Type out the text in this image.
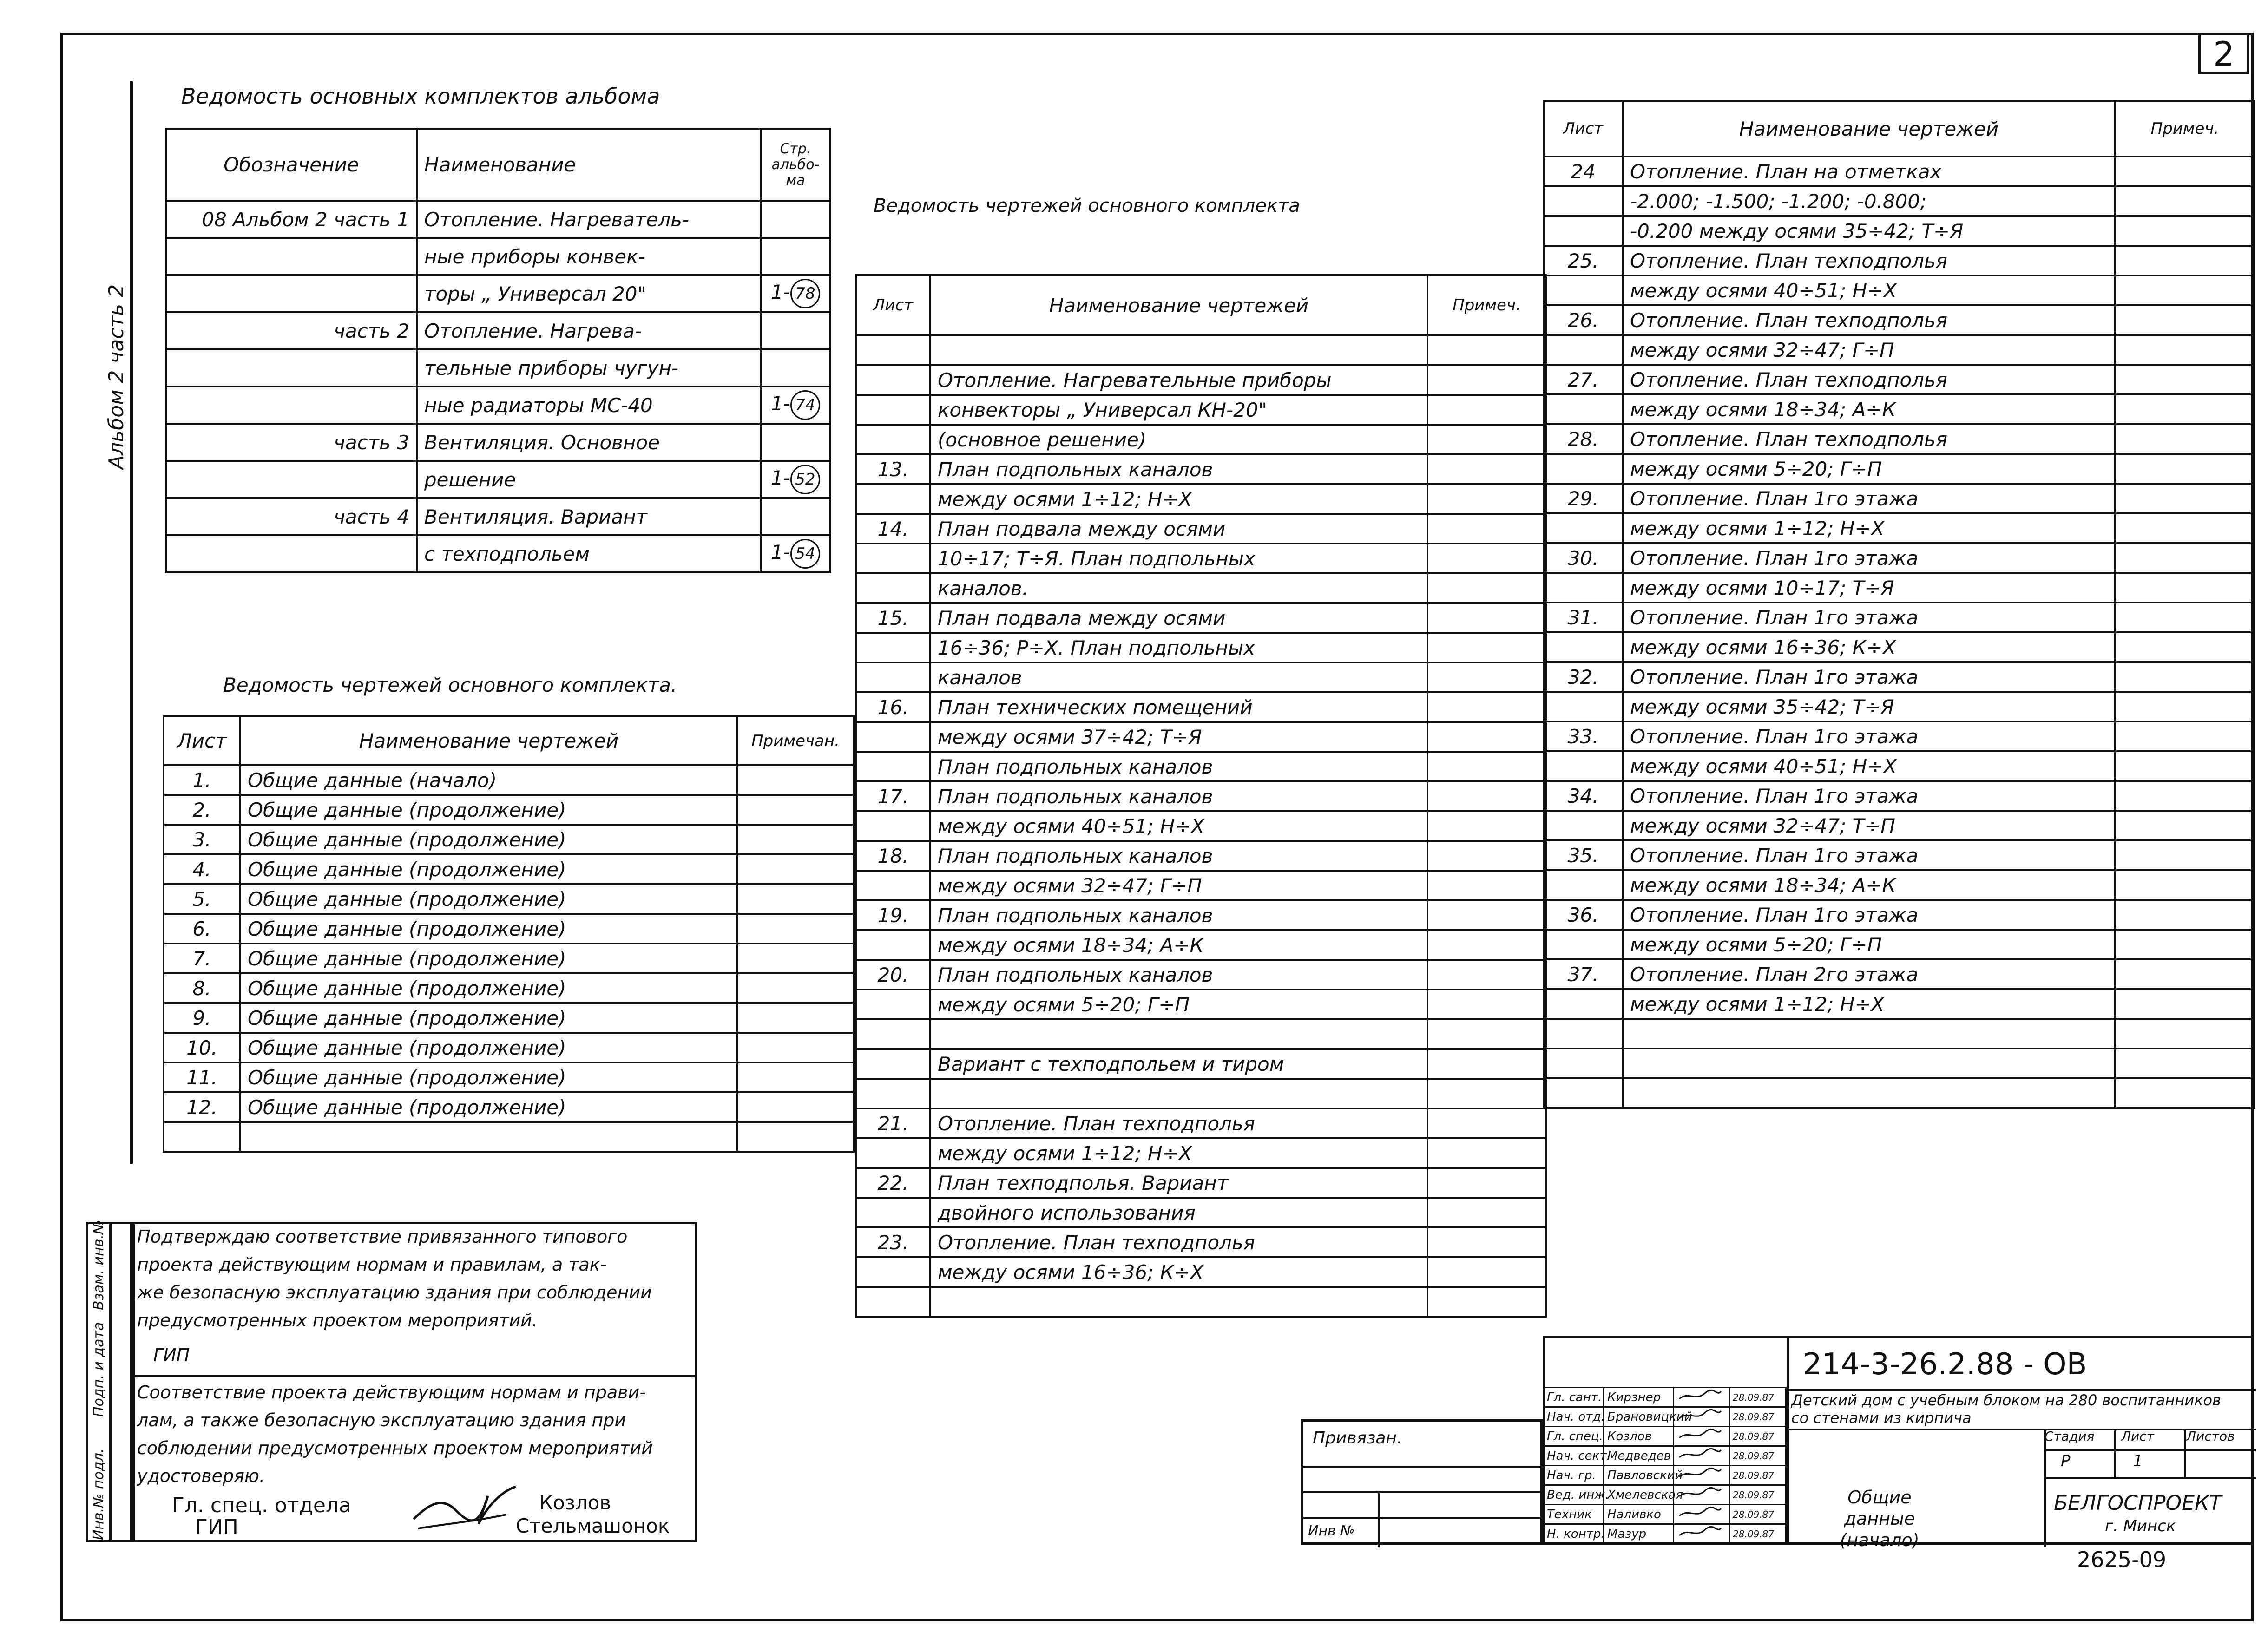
2
Альбом 2 часть 2
Ведомость основных комплектов альбома
Обозначение	Наименование	Стр. альбо- ма
08 Альбом 2 часть 1	Отопление. Нагреватель-	
	ные приборы конвек-	
	торы „ Универсал 20"	1- 78
часть 2	Отопление. Нагрева-	
	тельные приборы чугун-	
	ные радиаторы МС-40	1- 74
часть 3	Вентиляция. Основное	
	решение	1- 52
часть 4	Вентиляция. Вариант	
	с техподпольем	1- 54
Ведомость чертежей основного комплекта.
Лист	Наименование чертежей	Примечан.
1.	Общие данные (начало)	
2.	Общие данные (продолжение)	
3.	Общие данные (продолжение)	
4.	Общие данные (продолжение)	
5.	Общие данные (продолжение)	
6.	Общие данные (продолжение)	
7.	Общие данные (продолжение)	
8.	Общие данные (продолжение)	
9.	Общие данные (продолжение)	
10.	Общие данные (продолжение)	
11.	Общие данные (продолжение)	
12.	Общие данные (продолжение)	

Ведомость чертежей основного комплекта
Лист	Наименование чертежей	Примеч.

	Отопление. Нагревательные приборы	
	конвекторы „ Универсал КН-20"	
	(основное решение)	
13.	План подпольных каналов	
	между осями 1÷12; Н÷Х	
14.	План подвала между осями	
	10÷17; Т÷Я. План подпольных	
	каналов.	
15.	План подвала между осями	
	16÷36; Р÷Х. План подпольных	
	каналов	
16.	План технических помещений	
	между осями 37÷42; Т÷Я	
	План подпольных каналов	
17.	План подпольных каналов	
	между осями 40÷51; Н÷Х	
18.	План подпольных каналов	
	между осями 32÷47; Г÷П	
19.	План подпольных каналов	
	между осями 18÷34; А÷К	
20.	План подпольных каналов	
	между осями 5÷20; Г÷П	

	Вариант с техподпольем и тиром	

21.	Отопление. План техподполья	
	между осями 1÷12; Н÷Х	
22.	План техподполья. Вариант	
	двойного использования	
23.	Отопление. План техподполья	
	между осями 16÷36; К÷Х	

Лист	Наименование чертежей	Примеч.
24	Отопление. План на отметках	
	-2.000; -1.500; -1.200; -0.800;	
	-0.200 между осями 35÷42; Т÷Я	
25.	Отопление. План техподполья	
	между осями 40÷51; Н÷Х	
26.	Отопление. План техподполья	
	между осями 32÷47; Г÷П	
27.	Отопление. План техподполья	
	между осями 18÷34; А÷К	
28.	Отопление. План техподполья	
	между осями 5÷20; Г÷П	
29.	Отопление. План 1го этажа	
	между осями 1÷12; Н÷Х	
30.	Отопление. План 1го этажа	
	между осями 10÷17; Т÷Я	
31.	Отопление. План 1го этажа	
	между осями 16÷36; К÷Х	
32.	Отопление. План 1го этажа	
	между осями 35÷42; Т÷Я	
33.	Отопление. План 1го этажа	
	между осями 40÷51; Н÷Х	
34.	Отопление. План 1го этажа	
	между осями 32÷47; Т÷П	
35.	Отопление. План 1го этажа	
	между осями 18÷34; А÷К	
36.	Отопление. План 1го этажа	
	между осями 5÷20; Г÷П	
37.	Отопление. План 2го этажа	
	между осями 1÷12; Н÷Х	

Инв.№ подл.
Подп. и дата
Взам. инв.№ Подтверждаю соответствие привязанного типового
проекта действующим нормам и правилам, а так-
же безопасную эксплуатацию здания при соблюдении
предусмотренных проектом мероприятий.
ГИП
Соответствие проекта действующим нормам и прави-
лам, а также безопасную эксплуатацию здания при
соблюдении предусмотренных проектом мероприятий
удостоверяю.
Гл. спец. отдела
ГИП
Козлов
Стельмашонок
Привязан.
Инв №
Гл. сант.	Кирзнер		28.09.87
Нач. отд.	Брановицкий		28.09.87
Гл. спец.	Козлов		28.09.87
Нач. сект.	Медведев		28.09.87
Нач. гр.	Павловский		28.09.87
Вед. инж.	Хмелевская		28.09.87
Техник	Наливко		28.09.87
Н. контр.	Мазур		28.09.87
214-3-26.2.88 - ОВ
Детский дом с учебным блоком на 280 воспитанников со стенами из кирпича
Стадия Лист Листов
Р	1
Общие данные (начало)
БЕЛГОСПРОЕКТ
г. Минск
2625-09
